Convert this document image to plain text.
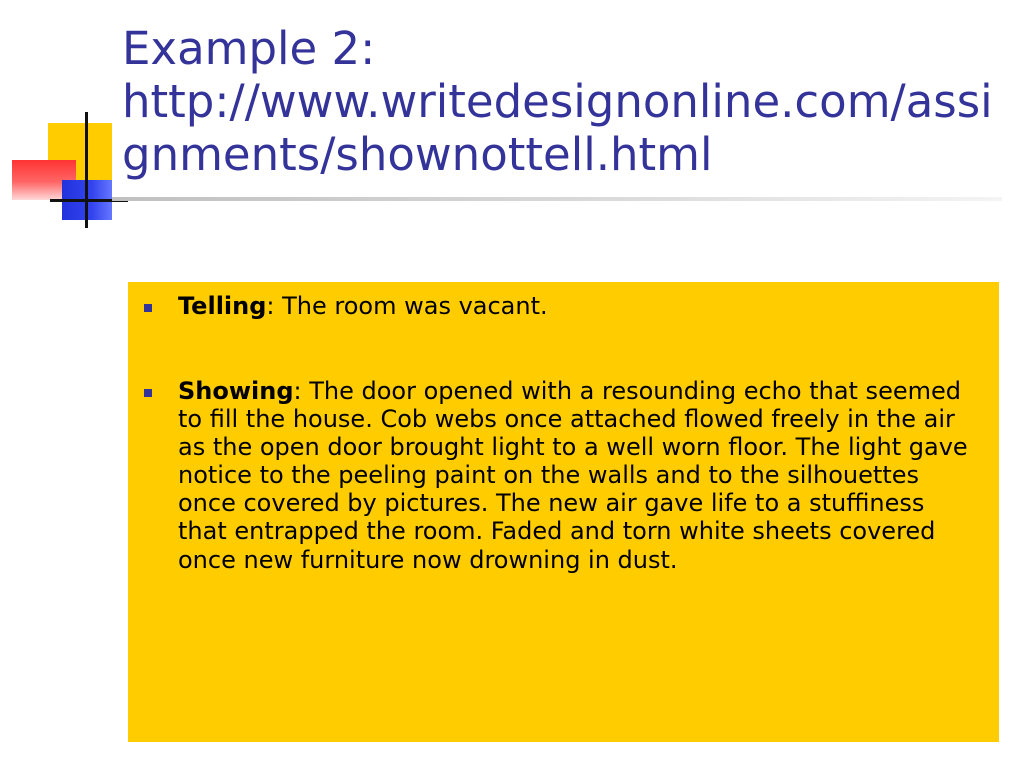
Example 2:
http://www.writedesignonline.com/assignments/shownottell.html
Telling: The room was vacant.
Showing: The door opened with a resounding echo that seemed to fill the house. Cob webs once attached flowed freely in the air as the open door brought light to a well worn floor. The light gave notice to the peeling paint on the walls and to the silhouettes once covered by pictures. The new air gave life to a stuffiness that entrapped the room. Faded and torn white sheets covered once new furniture now drowning in dust.
